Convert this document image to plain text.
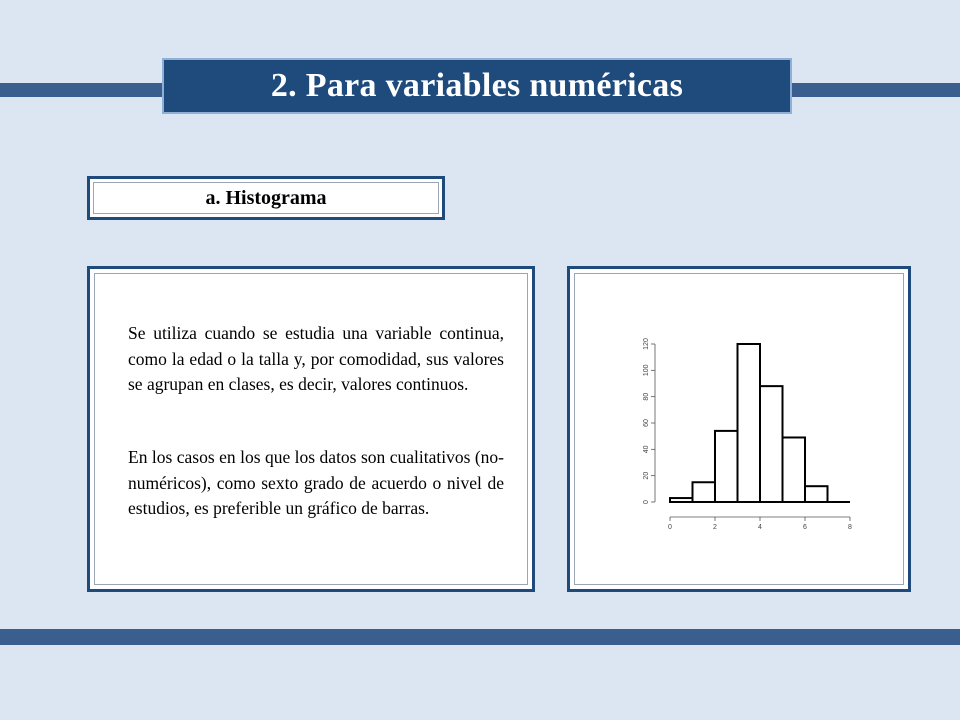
2. Para variables numéricas
a. Histograma

Se utiliza cuando se estudia una variable continua, como la edad o la talla y, por comodidad, sus valores se agrupan en clases, es decir, valores continuos.

En los casos en los que los datos son cualitativos (no-numéricos), como sexto grado de acuerdo o nivel de estudios, es preferible un gráfico de barras.

0	2	4	6	8
0
20
40
60
80
100
120
